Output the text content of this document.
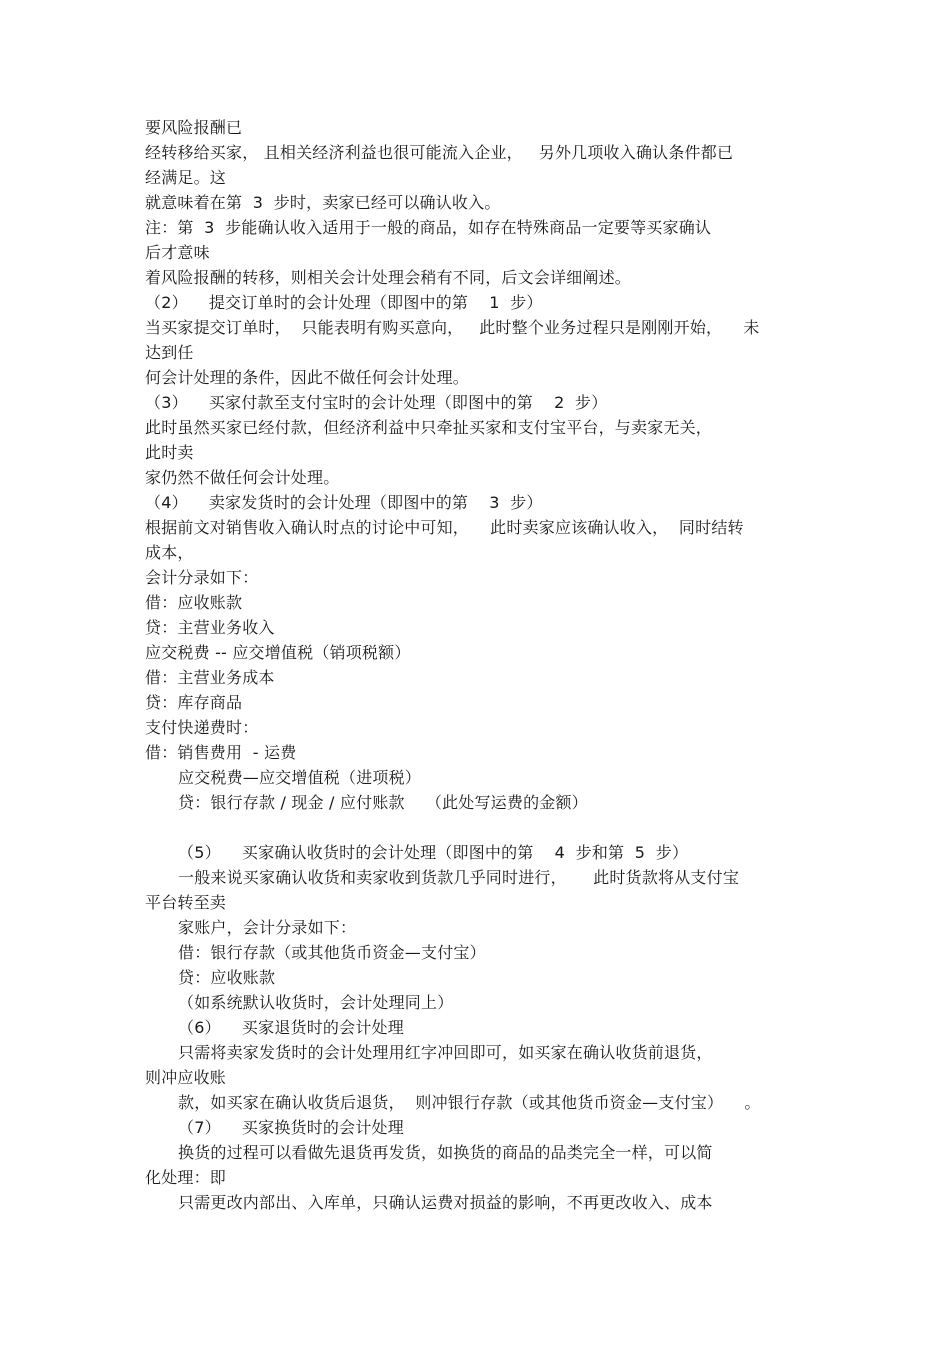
要风险报酬已
经转移给买家， 且相关经济利益也很可能流入企业，   另外几项收入确认条件都已
经满足。这
就意味着在第  3  步时，卖家已经可以确认收入。
注：第  3  步能确认收入适用于一般的商品，如存在特殊商品一定要等买家确认
后才意味
着风险报酬的转移，则相关会计处理会稍有不同，后文会详细阐述。
（2）    提交订单时的会计处理（即图中的第    1  步）
当买家提交订单时，  只能表明有购买意向，   此时整个业务过程只是刚刚开始，    未
达到任
何会计处理的条件，因此不做任何会计处理。
（3）    买家付款至支付宝时的会计处理（即图中的第    2  步）
此时虽然买家已经付款，但经济利益中只牵扯买家和支付宝平台，与卖家无关，
此时卖
家仍然不做任何会计处理。
（4）    卖家发货时的会计处理（即图中的第    3  步）
根据前文对销售收入确认时点的讨论中可知，    此时卖家应该确认收入，  同时结转
成本，
会计分录如下：
借：应收账款
贷：主营业务收入
应交税费 -- 应交增值税（销项税额）
借：主营业务成本
贷：库存商品
支付快递费时：
借：销售费用  - 运费
应交税费—应交增值税（进项税）
贷：银行存款 / 现金 / 应付账款    （此处写运费的金额）
（5）    买家确认收货时的会计处理（即图中的第    4  步和第  5  步）
一般来说买家确认收货和卖家收到货款几乎同时进行，     此时货款将从支付宝
平台转至卖
家账户，会计分录如下：
借：银行存款（或其他货币资金—支付宝）
贷：应收账款
（如系统默认收货时，会计处理同上）
（6）    买家退货时的会计处理
只需将卖家发货时的会计处理用红字冲回即可，如买家在确认收货前退货，
则冲应收账
款，如买家在确认收货后退货，  则冲银行存款（或其他货币资金—支付宝）    。
（7）    买家换货时的会计处理
换货的过程可以看做先退货再发货，如换货的商品的品类完全一样，可以简
化处理：即
只需更改内部出、入库单，只确认运费对损益的影响，不再更改收入、成本
